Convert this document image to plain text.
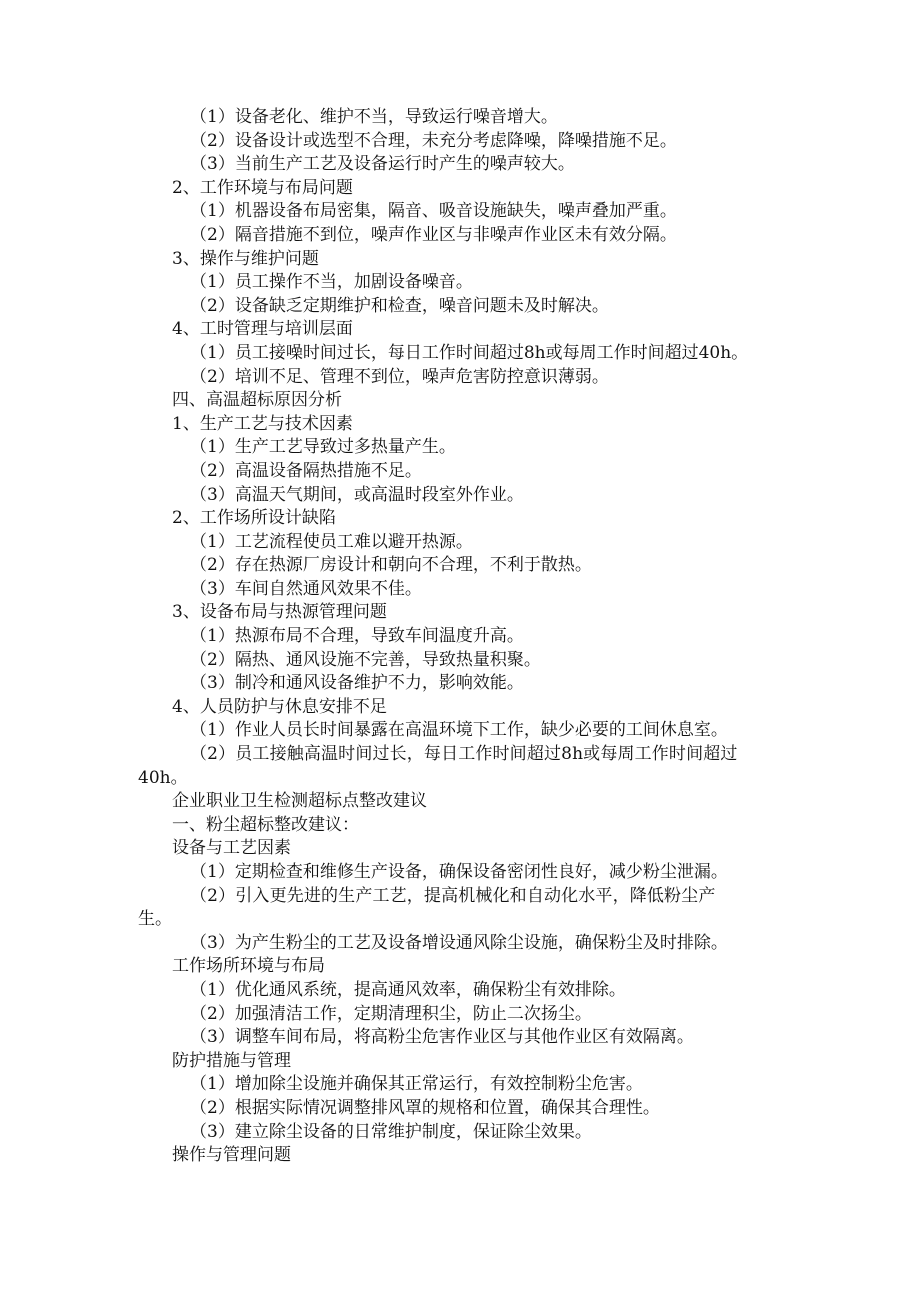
（1）设备老化、维护不当，导致运行噪音增大。
（2）设备设计或选型不合理，未充分考虑降噪，降噪措施不足。
（3）当前生产工艺及设备运行时产生的噪声较大。
2、工作环境与布局问题
（1）机器设备布局密集，隔音、吸音设施缺失，噪声叠加严重。
（2）隔音措施不到位，噪声作业区与非噪声作业区未有效分隔。
3、操作与维护问题
（1）员工操作不当，加剧设备噪音。
（2）设备缺乏定期维护和检查，噪音问题未及时解决。
4、工时管理与培训层面
（1）员工接噪时间过长，每日工作时间超过8h或每周工作时间超过40h。
（2）培训不足、管理不到位，噪声危害防控意识薄弱。
四、高温超标原因分析
1、生产工艺与技术因素
（1）生产工艺导致过多热量产生。
（2）高温设备隔热措施不足。
（3）高温天气期间，或高温时段室外作业。
2、工作场所设计缺陷
（1）工艺流程使员工难以避开热源。
（2）存在热源厂房设计和朝向不合理，不利于散热。
（3）车间自然通风效果不佳。
3、设备布局与热源管理问题
（1）热源布局不合理，导致车间温度升高。
（2）隔热、通风设施不完善，导致热量积聚。
（3）制冷和通风设备维护不力，影响效能。
4、人员防护与休息安排不足
（1）作业人员长时间暴露在高温环境下工作，缺少必要的工间休息室。
（2）员工接触高温时间过长，每日工作时间超过8h或每周工作时间超过
40h。
企业职业卫生检测超标点整改建议
一、粉尘超标整改建议：
设备与工艺因素
（1）定期检查和维修生产设备，确保设备密闭性良好，减少粉尘泄漏。
（2）引入更先进的生产工艺，提高机械化和自动化水平，降低粉尘产
生。
（3）为产生粉尘的工艺及设备增设通风除尘设施，确保粉尘及时排除。
工作场所环境与布局
（1）优化通风系统，提高通风效率，确保粉尘有效排除。
（2）加强清洁工作，定期清理积尘，防止二次扬尘。
（3）调整车间布局，将高粉尘危害作业区与其他作业区有效隔离。
防护措施与管理
（1）增加除尘设施并确保其正常运行，有效控制粉尘危害。
（2）根据实际情况调整排风罩的规格和位置，确保其合理性。
（3）建立除尘设备的日常维护制度，保证除尘效果。
操作与管理问题
